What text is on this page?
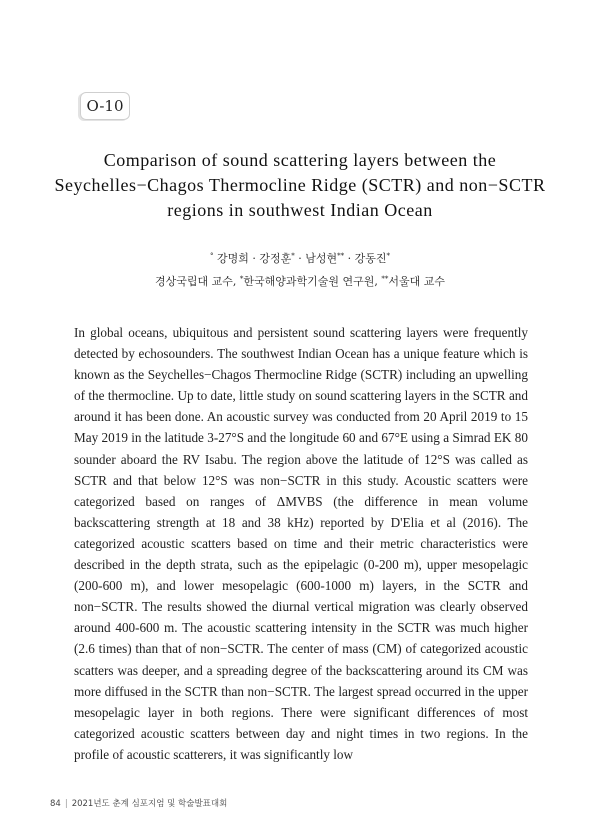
O-10
Comparison of sound scattering layers between the Seychelles−Chagos Thermocline Ridge (SCTR) and non−SCTR regions in southwest Indian Ocean
° 강명희 · 강정훈* · 남성현** · 강동진*
경상국립대 교수, *한국해양과학기술원 연구원, **서울대 교수

In global oceans, ubiquitous and persistent sound scattering layers were frequently detected by echosounders. The southwest Indian Ocean has a unique feature which is known as the Seychelles−Chagos Thermocline Ridge (SCTR) including an upwelling of the thermocline. Up to date, little study on sound scattering layers in the SCTR and around it has been done. An acoustic survey was conducted from 20 April 2019 to 15 May 2019 in the latitude 3-27°S and the longitude 60 and 67°E using a Simrad EK 80 sounder aboard the RV Isabu. The region above the latitude of 12°S was called as SCTR and that below 12°S was non−SCTR in this study. Acoustic scatters were categorized based on ranges of ΔMVBS (the difference in mean volume backscattering strength at 18 and 38 kHz) reported by D'Elia et al (2016). The categorized acoustic scatters based on time and their metric characteristics were described in the depth strata, such as the epipelagic (0-200 m), upper mesopelagic (200-600 m), and lower mesopelagic (600-1000 m) layers, in the SCTR and non−SCTR. The results showed the diurnal vertical migration was clearly observed around 400-600 m. The acoustic scattering intensity in the SCTR was much higher (2.6 times) than that of non−SCTR. The center of mass (CM) of categorized acoustic scatters was deeper, and a spreading degree of the backscattering around its CM was more diffused in the SCTR than non−SCTR. The largest spread occurred in the upper mesopelagic layer in both regions. There were significant differences of most categorized acoustic scatters between day and night times in two regions. In the profile of acoustic scatterers, it was significantly low

84 | 2021년도 춘계 심포지엄 및 학술발표대회
